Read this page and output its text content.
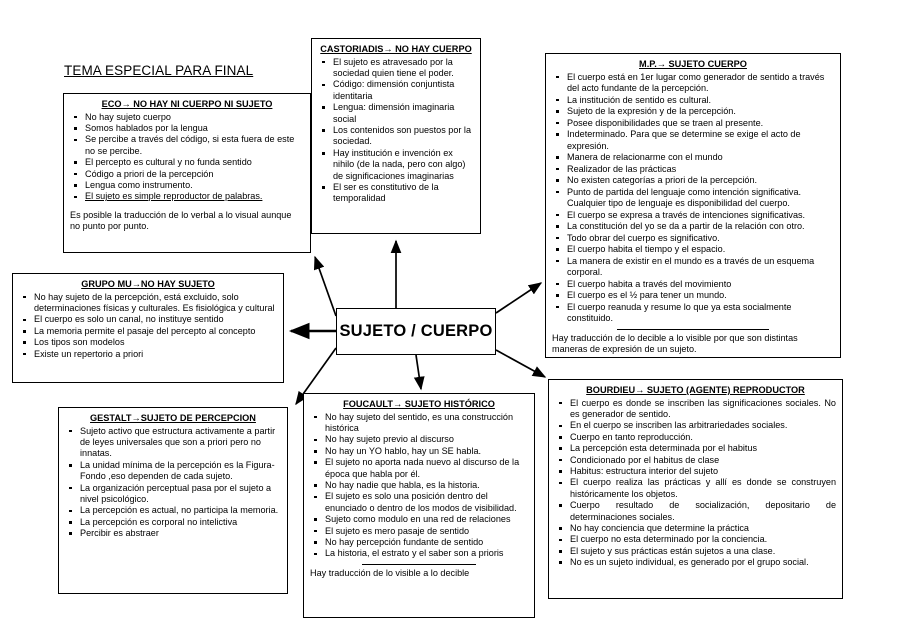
TEMA ESPECIAL PARA FINAL
ECO→ NO HAY NI CUERPO NI SUJETO
No hay sujeto cuerpo
Somos hablados por la lengua
Se percibe a través del código, si esta fuera de este no se percibe.
El percepto es cultural y no funda sentido
Código a priori de la percepción
Lengua como instrumento.
El sujeto es simple reproductor de palabras.
Es posible la traducción de lo verbal a lo visual aunque no punto por punto.
CASTORIADIS→ NO HAY CUERPO
El sujeto es atravesado por la sociedad quien tiene el poder.
Código: dimensión conjuntista identitaria
Lengua: dimensión imaginaria social
Los contenidos son puestos por la sociedad.
Hay institución e invención ex nihilo (de la nada, pero con algo) de significaciones imaginarias
El ser es constitutivo de la temporalidad
M.P.→ SUJETO CUERPO
El cuerpo está en 1er lugar como generador de sentido a través del acto fundante de la percepción.
La institución de sentido es cultural.
Sujeto de la expresión y de la percepción.
Posee disponibilidades que se traen al presente.
Indeterminado. Para que se determine se exige el acto de expresión.
Manera de relacionarme con el mundo
Realizador de las prácticas
No existen categorías a priori de la percepción.
Punto de partida del lenguaje como intención significativa. Cualquier tipo de lenguaje es disponibilidad del cuerpo.
El cuerpo se expresa a través de intenciones significativas.
La constitución del yo se da a partir de la relación con otro.
Todo obrar del cuerpo es significativo.
El cuerpo habita el tiempo y el espacio.
La manera de existir en el mundo es a través de un esquema corporal.
El cuerpo habita a través del movimiento
El cuerpo es el ½ para tener un mundo.
El cuerpo reanuda y resume lo que ya esta socialmente constituido.
Hay traducción de lo decible a lo visible por que son distintas maneras de expresión de un sujeto.
GRUPO MU→NO HAY SUJETO
No hay sujeto de la percepción, está excluido, solo determinaciones físicas y culturales. Es fisiológica y cultural
El cuerpo es solo un canal, no instituye sentido
La memoria permite el pasaje del percepto al concepto
Los tipos son modelos
Existe un repertorio a priori
GESTALT→SUJETO DE PERCEPCION
Sujeto activo que estructura activamente a partir de leyes universales que son a priori pero no innatas.
La unidad mínima de la percepción es la Figura-Fondo ,eso dependen de cada sujeto.
La organización perceptual pasa por el sujeto a nivel psicológico.
La percepción es actual, no participa la memoria.
La percepción es corporal no intelictiva
Percibir es abstraer
FOUCAULT→ SUJETO HISTÓRICO
No hay sujeto del sentido, es una construcción histórica
No hay sujeto previo al discurso
No hay un YO hablo, hay un SE habla.
El sujeto no aporta nada nuevo al discurso de la época que habla por él.
No hay nadie que habla, es la historia.
El sujeto es solo una posición dentro del enunciado o dentro de los modos de visibilidad.
Sujeto como modulo en una red de relaciones
El sujeto es mero pasaje de sentido
No hay percepción fundante de sentido
La historia, el estrato y el saber son a prioris
Hay traducción de lo visible a lo decible
BOURDIEU→ SUJETO (AGENTE) REPRODUCTOR
El cuerpo es donde se inscriben las significaciones sociales. No es generador de sentido.
En el cuerpo se inscriben las arbitrariedades sociales.
Cuerpo en tanto reproducción.
La percepción esta determinada por el habitus
Condicionado por el habitus de clase
Habitus: estructura interior del sujeto
El cuerpo realiza las prácticas y allí es donde se construyen históricamente los objetos.
Cuerpo resultado de socialización, depositario de determinaciones sociales.
No hay conciencia que determine la práctica
El cuerpo no esta determinado por la conciencia.
El sujeto y sus prácticas están sujetos a una clase.
No es un sujeto individual, es generado por el grupo social.
SUJETO / CUERPO
